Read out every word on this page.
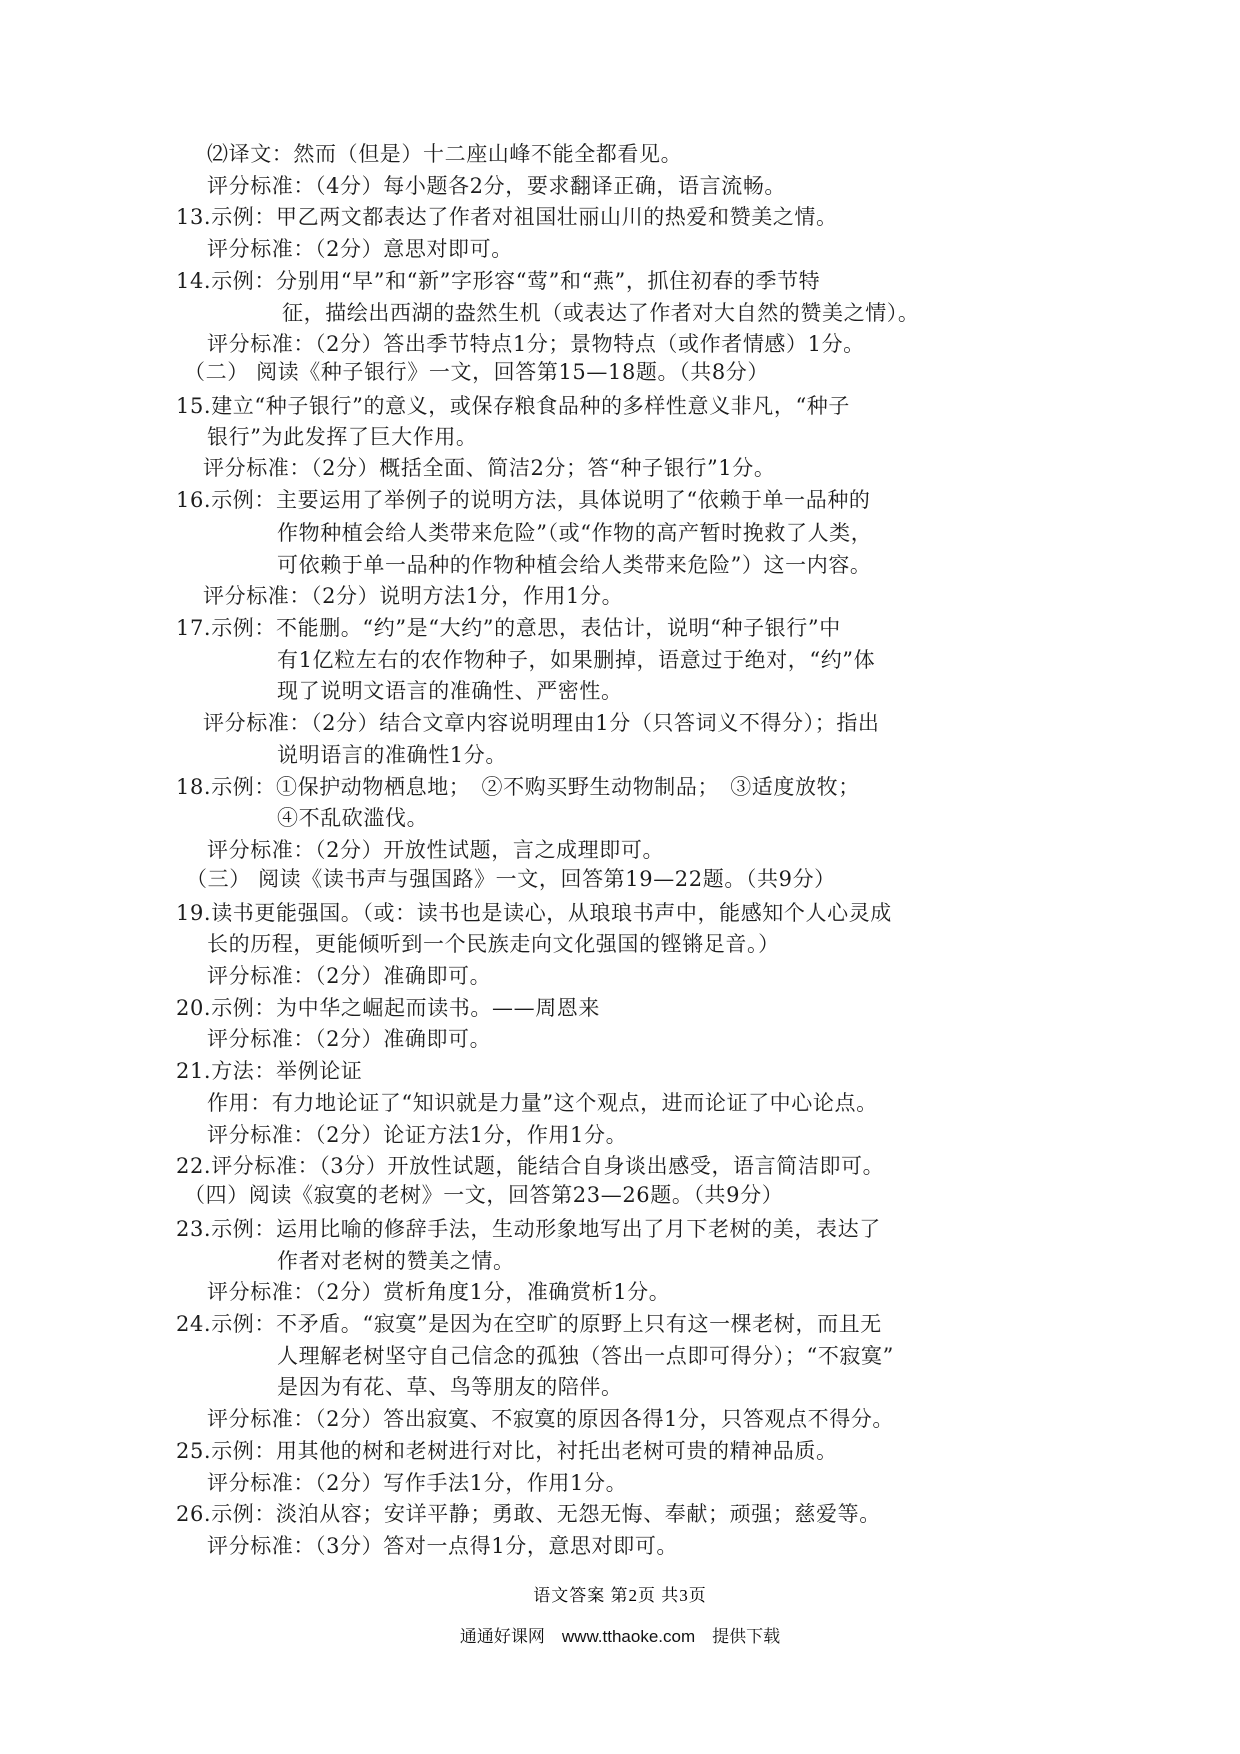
⑵译文：然而（但是）十二座山峰不能全都看见。
评分标准：（4分）每小题各2分，要求翻译正确，语言流畅。
13.示例：甲乙两文都表达了作者对祖国壮丽山川的热爱和赞美之情。
评分标准：（2分）意思对即可。
14.示例：分别用“早”和“新”字形容“莺”和“燕”，抓住初春的季节特
征，描绘出西湖的盎然生机（或表达了作者对大自然的赞美之情）。
评分标准：（2分）答出季节特点1分；景物特点（或作者情感）1分。
（二） 阅读《种子银行》一文，回答第15—18题。（共8分）
15.建立“种子银行”的意义，或保存粮食品种的多样性意义非凡，“种子
银行”为此发挥了巨大作用。
评分标准：（2分）概括全面、简洁2分；答“种子银行”1分。
16.示例：主要运用了举例子的说明方法，具体说明了“依赖于单一品种的
作物种植会给人类带来危险”（或“作物的高产暂时挽救了人类，
可依赖于单一品种的作物种植会给人类带来危险”）这一内容。
评分标准：（2分）说明方法1分，作用1分。
17.示例：不能删。“约”是“大约”的意思，表估计，说明“种子银行”中
有1亿粒左右的农作物种子，如果删掉，语意过于绝对，“约”体
现了说明文语言的准确性、严密性。
评分标准：（2分）结合文章内容说明理由1分（只答词义不得分）；指出
说明语言的准确性1分。
18.示例：①保护动物栖息地；　②不购买野生动物制品；　③适度放牧；
④不乱砍滥伐。
评分标准：（2分）开放性试题，言之成理即可。
（三） 阅读《读书声与强国路》一文，回答第19—22题。（共9分）
19.读书更能强国。（或：读书也是读心，从琅琅书声中，能感知个人心灵成
长的历程，更能倾听到一个民族走向文化强国的铿锵足音。）
评分标准：（2分）准确即可。
20.示例：为中华之崛起而读书。——周恩来
评分标准：（2分）准确即可。
21.方法：举例论证
作用：有力地论证了“知识就是力量”这个观点，进而论证了中心论点。
评分标准：（2分）论证方法1分，作用1分。
22.评分标准：（3分）开放性试题，能结合自身谈出感受，语言简洁即可。
（四）阅读《寂寞的老树》一文，回答第23—26题。（共9分）
23.示例：运用比喻的修辞手法，生动形象地写出了月下老树的美，表达了
作者对老树的赞美之情。
评分标准：（2分）赏析角度1分，准确赏析1分。
24.示例：不矛盾。“寂寞”是因为在空旷的原野上只有这一棵老树，而且无
人理解老树坚守自己信念的孤独（答出一点即可得分）；“不寂寞”
是因为有花、草、鸟等朋友的陪伴。
评分标准：（2分）答出寂寞、不寂寞的原因各得1分，只答观点不得分。
25.示例：用其他的树和老树进行对比，衬托出老树可贵的精神品质。
评分标准：（2分）写作手法1分，作用1分。
26.示例：淡泊从容；安详平静；勇敢、无怨无悔、奉献；顽强；慈爱等。
评分标准：（3分）答对一点得1分，意思对即可。
语文答案 第2页 共3页
通通好课网　www.tthaoke.com　提供下载
